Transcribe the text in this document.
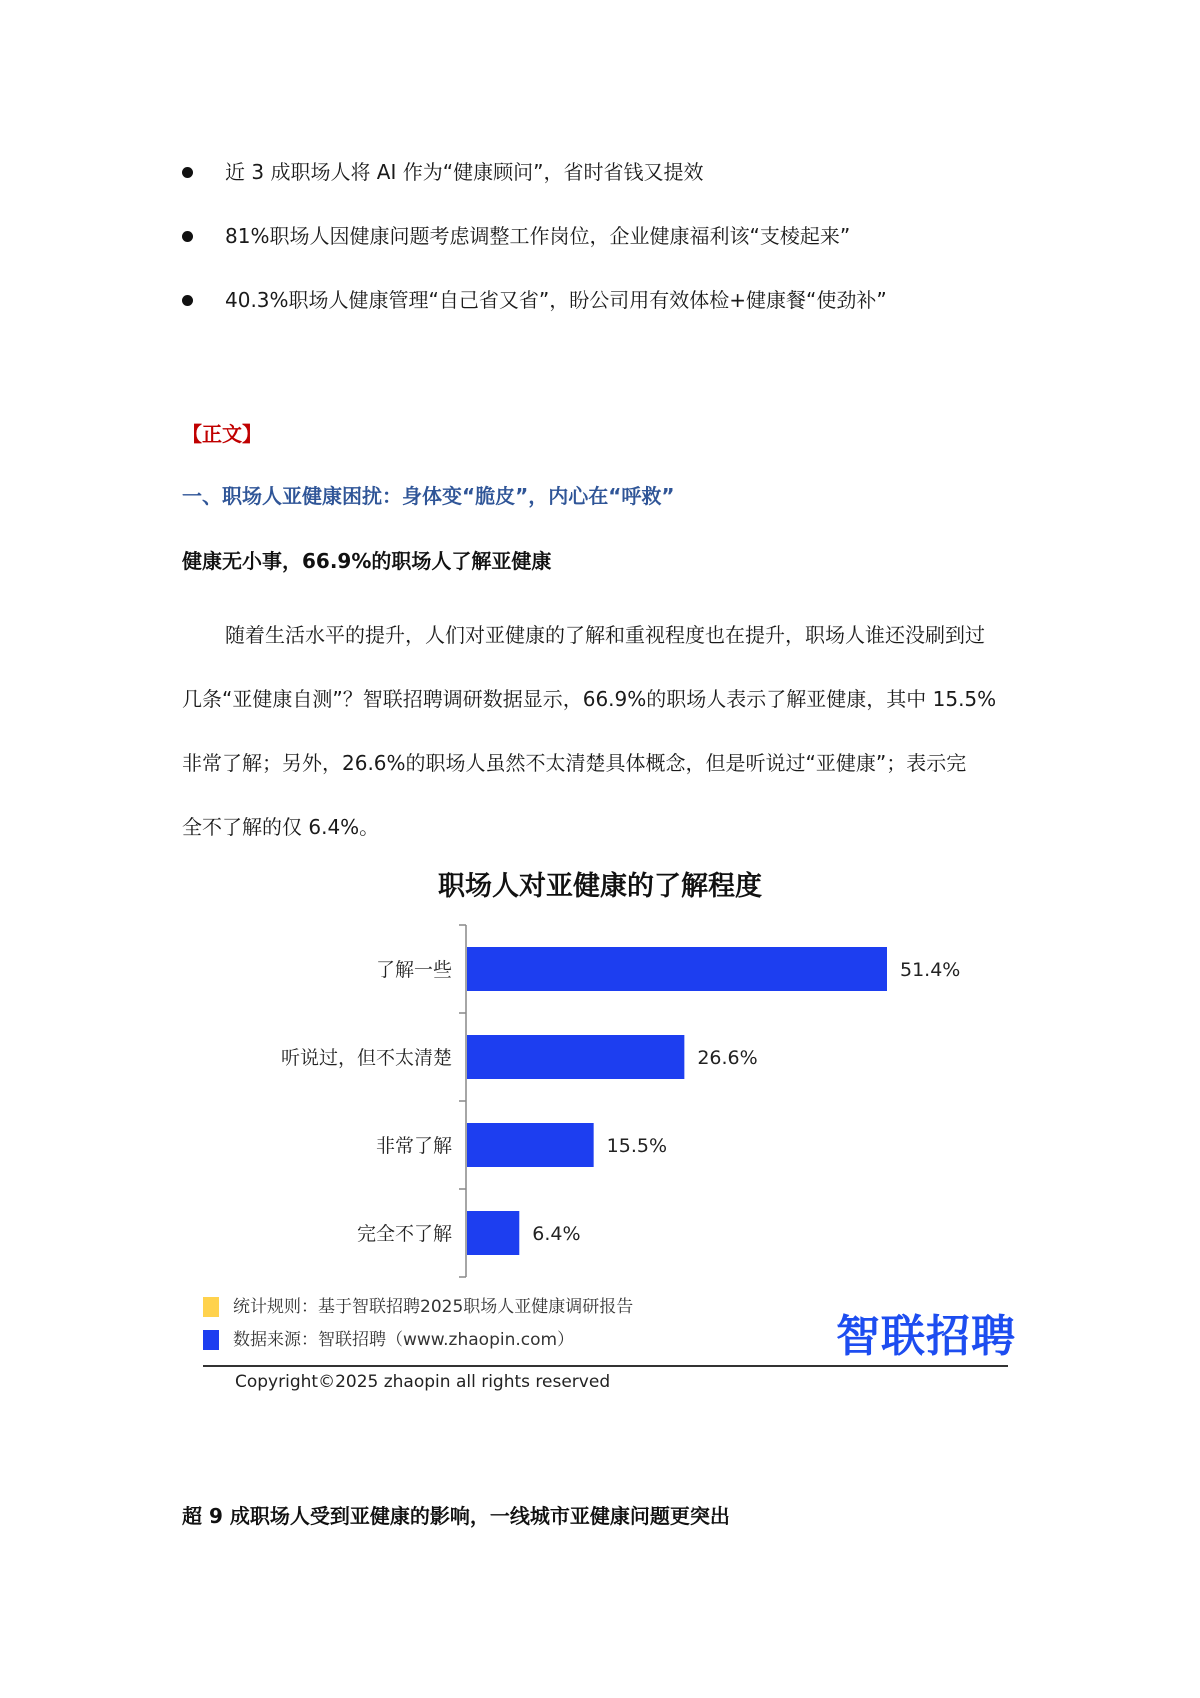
近 3 成职场人将 AI 作为“健康顾问”，省时省钱又提效
81%职场人因健康问题考虑调整工作岗位，企业健康福利该“支棱起来”
40.3%职场人健康管理“自己省又省”，盼公司用有效体检+健康餐“使劲补”
【正文】
一、职场人亚健康困扰：身体变“脆皮”，内心在“呼救”
健康无小事，66.9%的职场人了解亚健康
随着生活水平的提升，人们对亚健康的了解和重视程度也在提升，职场人谁还没刷到过
几条“亚健康自测”？智联招聘调研数据显示，66.9%的职场人表示了解亚健康，其中 15.5%
非常了解；另外，26.6%的职场人虽然不太清楚具体概念，但是听说过“亚健康”；表示完
全不了解的仅 6.4%。
职场人对亚健康的了解程度
了解一些	51.4%
听说过，但不太清楚	26.6%
非常了解	15.5%
完全不了解	6.4%
统计规则：基于智联招聘2025职场人亚健康调研报告
数据来源：智联招聘（www.zhaopin.com）	智联招聘
Copyright©2025 zhaopin all rights reserved
超 9 成职场人受到亚健康的影响，一线城市亚健康问题更突出
